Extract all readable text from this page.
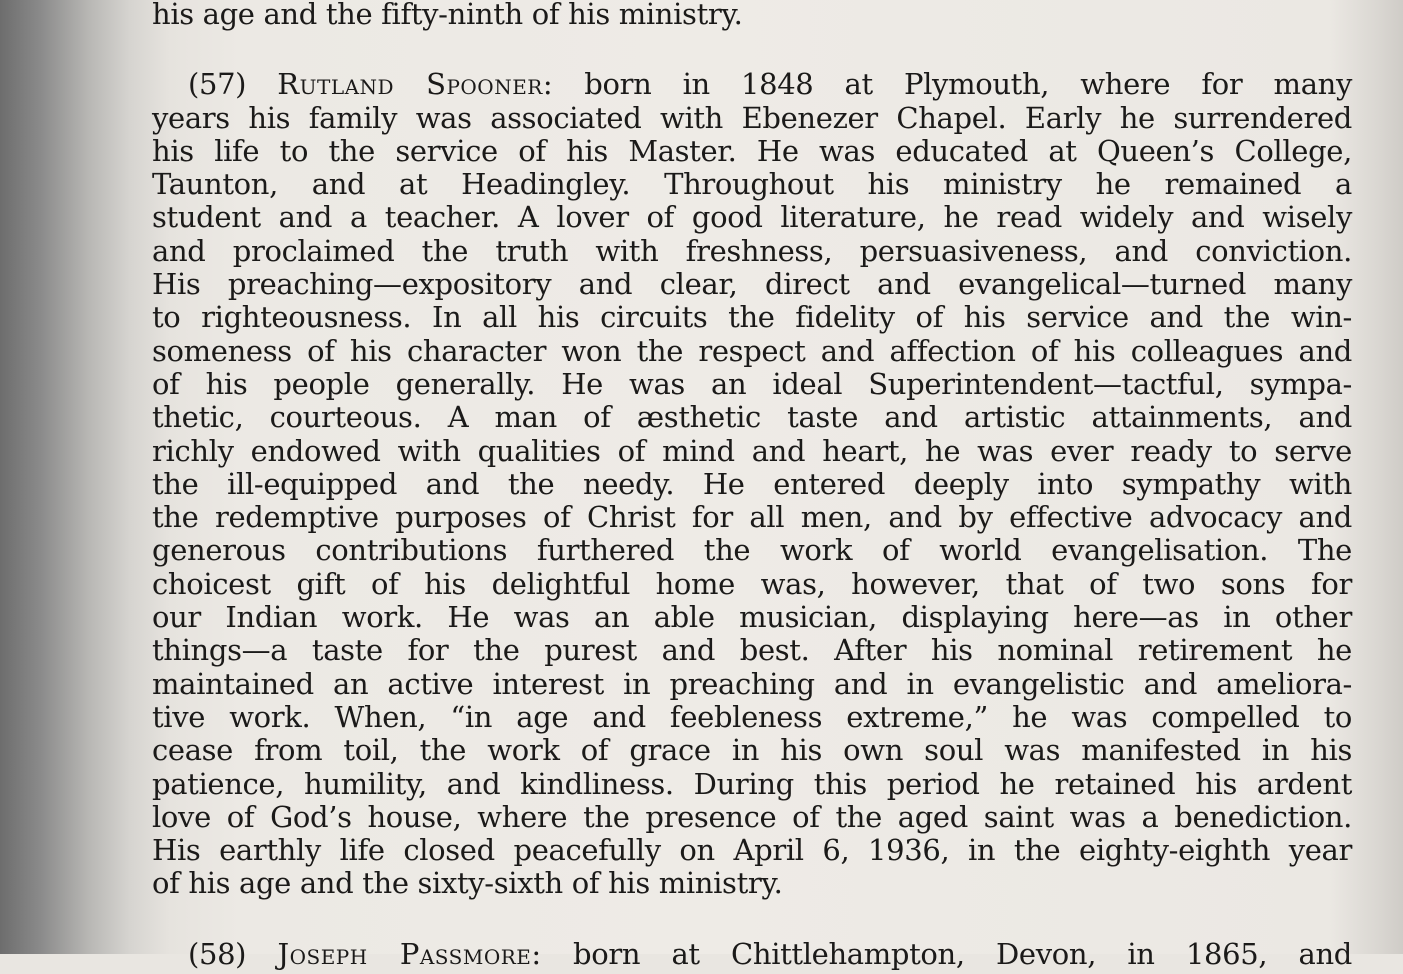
his age and the fifty-ninth of his ministry.
(57) Rutland Spooner: born in 1848 at Plymouth, where for many
years his family was associated with Ebenezer Chapel. Early he surrendered
his life to the service of his Master. He was educated at Queen’s College,
Taunton, and at Headingley. Throughout his ministry he remained a
student and a teacher. A lover of good literature, he read widely and wisely
and proclaimed the truth with freshness, persuasiveness, and conviction.
His preaching—expository and clear, direct and evangelical—turned many
to righteousness. In all his circuits the fidelity of his service and the win-
someness of his character won the respect and affection of his colleagues and
of his people generally. He was an ideal Superintendent—tactful, sympa-
thetic, courteous. A man of æsthetic taste and artistic attainments, and
richly endowed with qualities of mind and heart, he was ever ready to serve
the ill-equipped and the needy. He entered deeply into sympathy with
the redemptive purposes of Christ for all men, and by effective advocacy and
generous contributions furthered the work of world evangelisation. The
choicest gift of his delightful home was, however, that of two sons for
our Indian work. He was an able musician, displaying here—as in other
things—a taste for the purest and best. After his nominal retirement he
maintained an active interest in preaching and in evangelistic and ameliora-
tive work. When, “in age and feebleness extreme,” he was compelled to
cease from toil, the work of grace in his own soul was manifested in his
patience, humility, and kindliness. During this period he retained his ardent
love of God’s house, where the presence of the aged saint was a benediction.
His earthly life closed peacefully on April 6, 1936, in the eighty-eighth year
of his age and the sixty-sixth of his ministry.
(58) Joseph Passmore: born at Chittlehampton, Devon, in 1865, and
